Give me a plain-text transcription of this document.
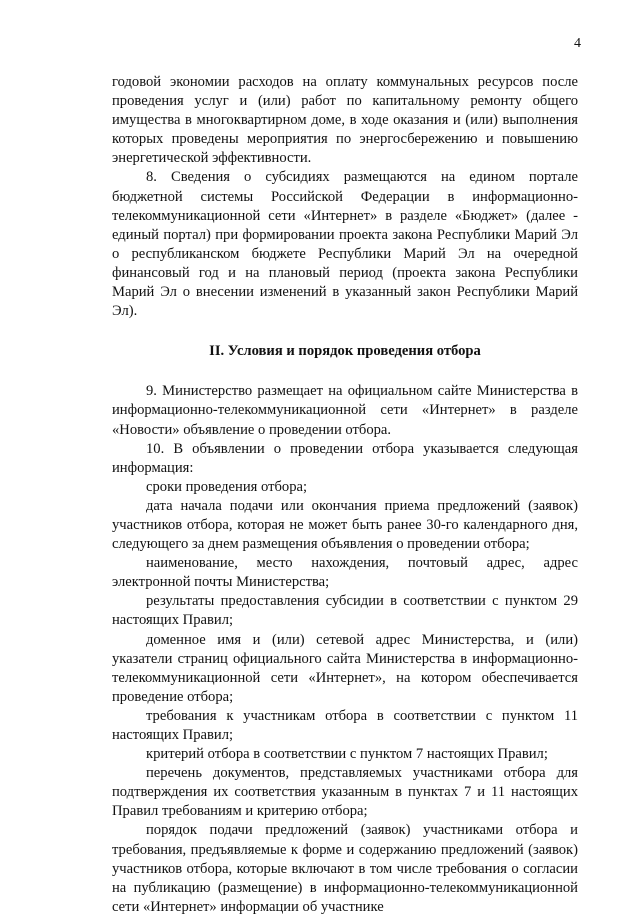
4

годовой экономии расходов на оплату коммунальных ресурсов после проведения услуг и (или) работ по капитальному ремонту общего имущества в многоквартирном доме, в ходе оказания и (или) выполнения которых проведены мероприятия по энергосбережению и повышению энергетической эффективности.

8. Сведения о субсидиях размещаются на едином портале бюджетной системы Российской Федерации в информационно-телекоммуникационной сети «Интернет» в разделе «Бюджет» (далее - единый портал) при формировании проекта закона Республики Марий Эл о республиканском бюджете Республики Марий Эл на очередной финансовый год и на плановый период (проекта закона Республики Марий Эл о внесении изменений в указанный закон Республики Марий Эл).

II. Условия и порядок проведения отбора

9. Министерство размещает на официальном сайте Министерства в информационно-телекоммуникационной сети «Интернет» в разделе «Новости» объявление о проведении отбора.

10. В объявлении о проведении отбора указывается следующая информация:

сроки проведения отбора;

дата начала подачи или окончания приема предложений (заявок) участников отбора, которая не может быть ранее 30-го календарного дня, следующего за днем размещения объявления о проведении отбора;

наименование, место нахождения, почтовый адрес, адрес электронной почты Министерства;

результаты предоставления субсидии в соответствии с пунктом 29 настоящих Правил;

доменное имя и (или) сетевой адрес Министерства, и (или) указатели страниц официального сайта Министерства в информационно-телекоммуникационной сети «Интернет», на котором обеспечивается проведение отбора;

требования к участникам отбора в соответствии с пунктом 11 настоящих Правил;

критерий отбора в соответствии с пунктом 7 настоящих Правил;

перечень документов, представляемых участниками отбора для подтверждения их соответствия указанным в пунктах 7 и 11 настоящих Правил требованиям и критерию отбора;

порядок подачи предложений (заявок) участниками отбора и требования, предъявляемые к форме и содержанию предложений (заявок) участников отбора, которые включают в том числе требования о согласии на публикацию (размещение) в информационно-телекоммуникационной сети «Интернет» информации об участнике
